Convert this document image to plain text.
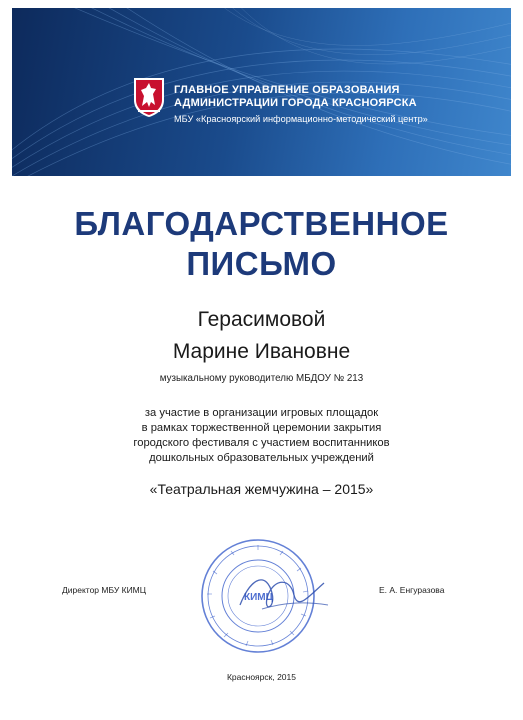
ГЛАВНОЕ УПРАВЛЕНИЕ ОБРАЗОВАНИЯ
АДМИНИСТРАЦИИ ГОРОДА КРАСНОЯРСКА
МБУ «Красноярский информационно-методический центр»
БЛАГОДАРСТВЕННОЕ
ПИСЬМО
Герасимовой
Марине Ивановне
музыкальному руководителю МБДОУ № 213
за участие в организации игровых площадок
в рамках торжественной церемонии закрытия
городского фестиваля с участием воспитанников
дошкольных образовательных учреждений
«Театральная жемчужина – 2015»
КИМЦ
Директор МБУ КИМЦ	Е. А. Енгуразова
Красноярск, 2015
